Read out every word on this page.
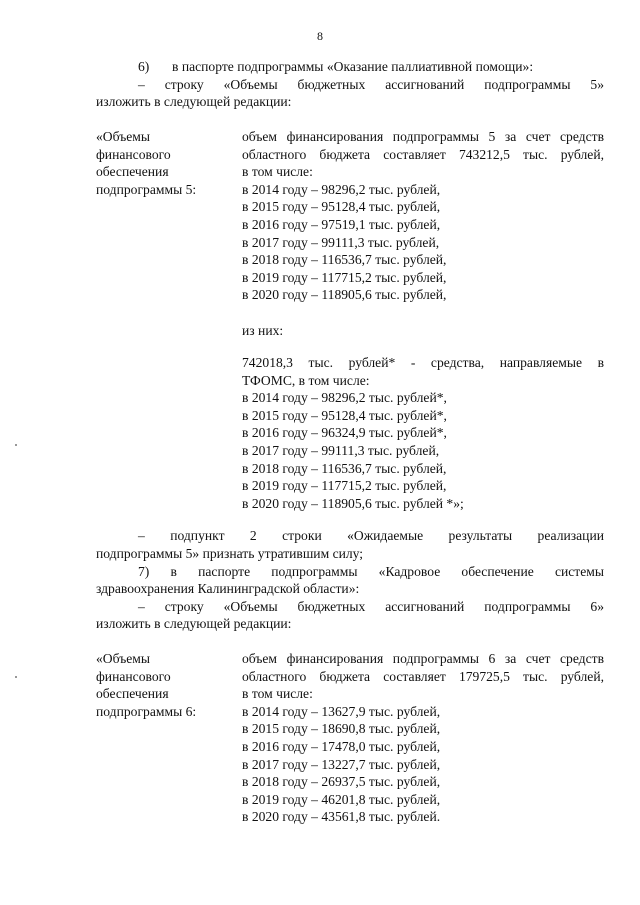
8
6) в паспорте подпрограммы «Оказание паллиативной помощи»:
– строку «Объемы бюджетных ассигнований подпрограммы 5»
изложить в следующей редакции:
«Объемы
финансового
обеспечения
подпрограммы 5:
объем финансирования подпрограммы 5 за счет средств
областного бюджета составляет 743212,5 тыс. рублей,
в том числе:
в 2014 году – 98296,2 тыс. рублей,
в 2015 году – 95128,4 тыс. рублей,
в 2016 году – 97519,1 тыс. рублей,
в 2017 году – 99111,3 тыс. рублей,
в 2018 году – 116536,7 тыс. рублей,
в 2019 году – 117715,2 тыс. рублей,
в 2020 году – 118905,6 тыс. рублей,
из них:
742018,3 тыс. рублей* - средства, направляемые в
ТФОМС, в том числе:
в 2014 году – 98296,2 тыс. рублей*,
в 2015 году – 95128,4 тыс. рублей*,
в 2016 году – 96324,9 тыс. рублей*,
в 2017 году – 99111,3 тыс. рублей,
в 2018 году – 116536,7 тыс. рублей,
в 2019 году – 117715,2 тыс. рублей,
в 2020 году – 118905,6 тыс. рублей *»;
– подпункт 2 строки «Ожидаемые результаты реализации
подпрограммы 5» признать утратившим силу;
7) в паспорте подпрограммы «Кадровое обеспечение системы
здравоохранения Калининградской области»:
– строку «Объемы бюджетных ассигнований подпрограммы 6»
изложить в следующей редакции:
«Объемы
финансового
обеспечения
подпрограммы 6:
объем финансирования подпрограммы 6 за счет средств
областного бюджета составляет 179725,5 тыс. рублей,
в том числе:
в 2014 году – 13627,9 тыс. рублей,
в 2015 году – 18690,8 тыс. рублей,
в 2016 году – 17478,0 тыс. рублей,
в 2017 году – 13227,7 тыс. рублей,
в 2018 году – 26937,5 тыс. рублей,
в 2019 году – 46201,8 тыс. рублей,
в 2020 году – 43561,8 тыс. рублей.
